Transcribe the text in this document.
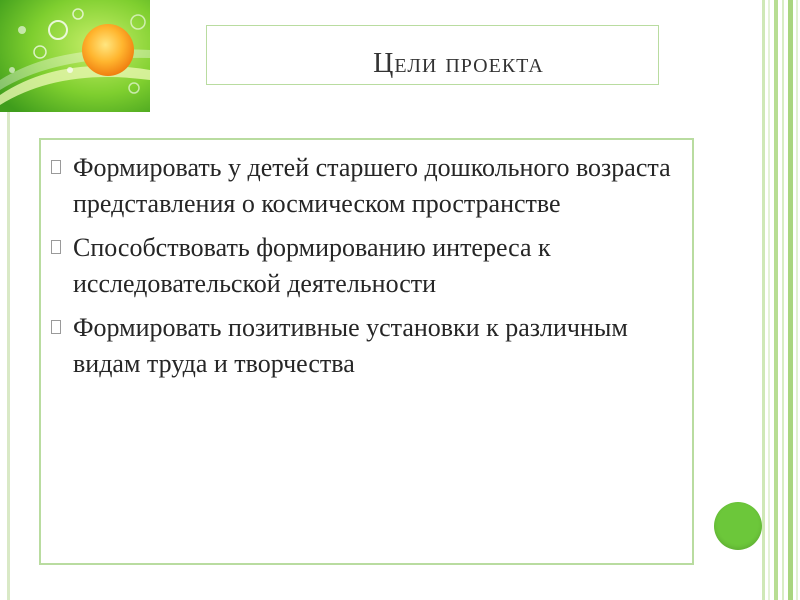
Цели проекта
Формировать у детей старшего дошкольного возраста представления о космическом пространстве
Способствовать формированию интереса к исследовательской деятельности
Формировать позитивные установки к различным видам труда и творчества
